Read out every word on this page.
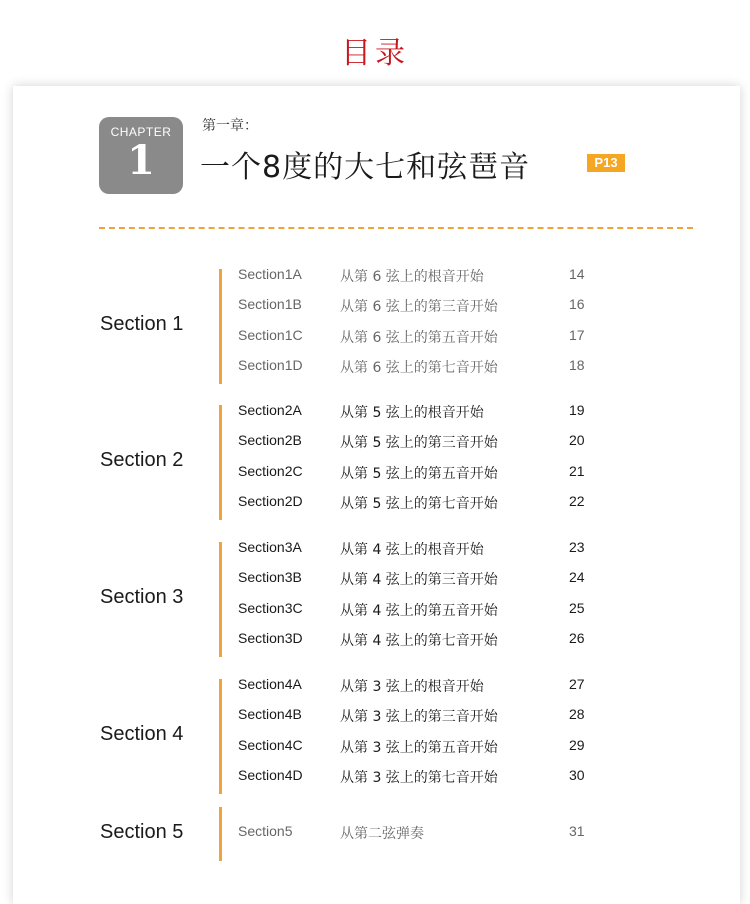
目录
CHAPTER
1
第一章：
一个8度的大七和弦琶音	P13
Section 1
Section1A	从第 6 弦上的根音开始	14
Section1B	从第 6 弦上的第三音开始	16
Section1C	从第 6 弦上的第五音开始	17
Section1D	从第 6 弦上的第七音开始	18
Section 2
Section2A	从第 5 弦上的根音开始	19
Section2B	从第 5 弦上的第三音开始	20
Section2C	从第 5 弦上的第五音开始	21
Section2D	从第 5 弦上的第七音开始	22
Section 3
Section3A	从第 4 弦上的根音开始	23
Section3B	从第 4 弦上的第三音开始	24
Section3C	从第 4 弦上的第五音开始	25
Section3D	从第 4 弦上的第七音开始	26
Section 4
Section4A	从第 3 弦上的根音开始	27
Section4B	从第 3 弦上的第三音开始	28
Section4C	从第 3 弦上的第五音开始	29
Section4D	从第 3 弦上的第七音开始	30
Section 5	Section5	从第二弦弹奏	31
